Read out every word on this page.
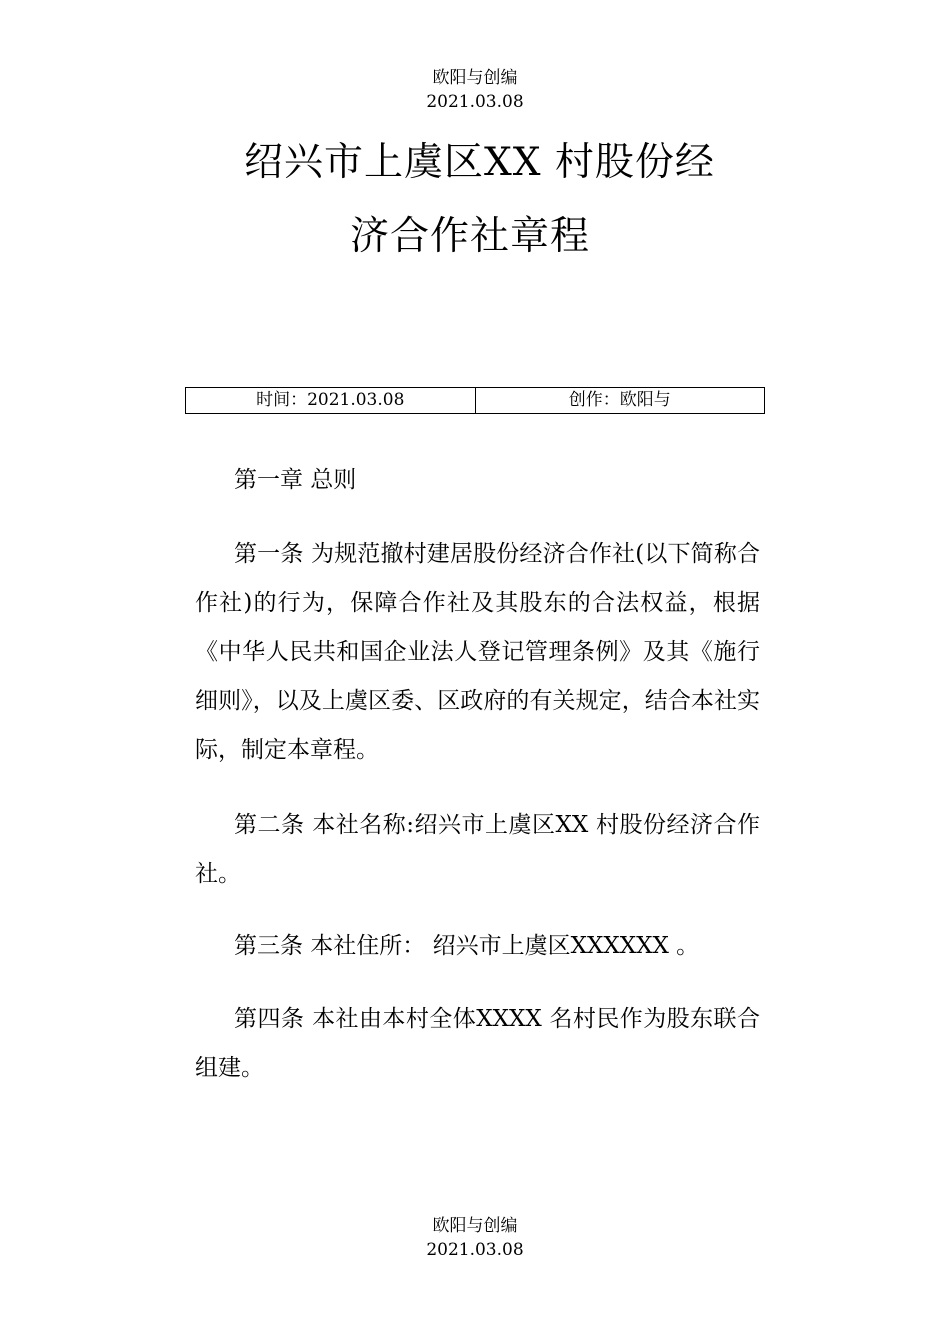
欧阳与创编
2021.03.08
绍兴市上虞区XX 村股份经
济合作社章程
时间：2021.03.08	创作：欧阳与
第一章 总则
第一条 为规范撤村建居股份经济合作社(以下简称合作社)的行为，保障合作社及其股东的合法权益，根据《中华人民共和国企业法人登记管理条例》及其《施行细则》，以及上虞区委、区政府的有关规定，结合本社实际，制定本章程。
第二条 本社名称:绍兴市上虞区XX 村股份经济合作社。
第三条 本社住所： 绍兴市上虞区XXXXXX 。
第四条 本社由本村全体XXXX 名村民作为股东联合组建。
欧阳与创编
2021.03.08
